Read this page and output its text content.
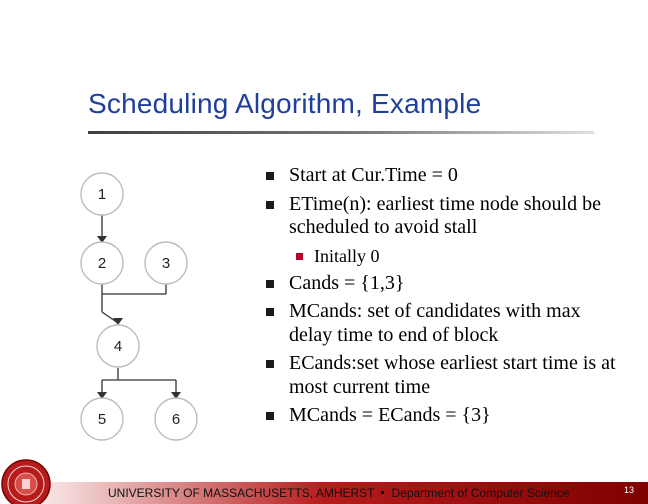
Scheduling Algorithm, Example
1
2	3
4
5	6
Start at Cur.Time = 0
ETime(n): earliest time node should be scheduled to avoid stall
Initally 0
Cands = {1,3}
MCands: set of candidates with max delay time to end of block
ECands:set whose earliest start time is at most current time
MCands = ECands = {3}
UNIVERSITY OF MASSACHUSETTS, AMHERST Department of Computer Science	13
